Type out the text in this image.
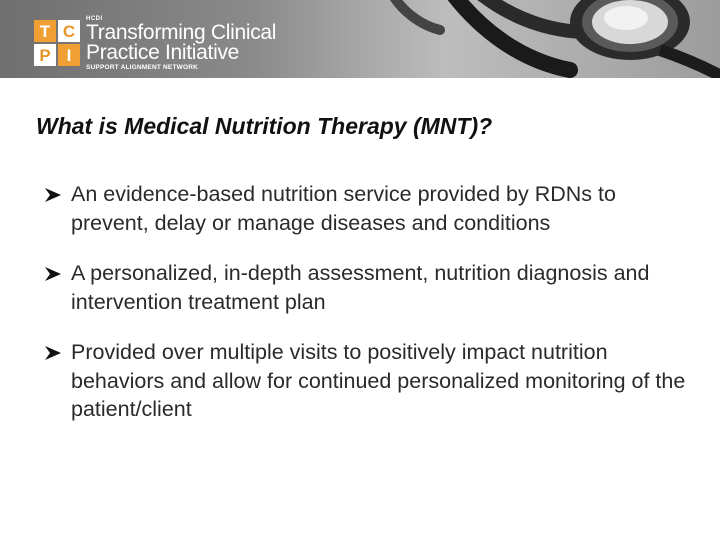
T C
P I
HCDI
Transforming Clinical
Practice Initiative
SUPPORT ALIGNMENT NETWORK
What is Medical Nutrition Therapy (MNT)?
An evidence-based nutrition service provided by RDNs to prevent, delay or manage diseases and conditions
A personalized, in-depth assessment, nutrition diagnosis and intervention treatment plan
Provided over multiple visits to positively impact nutrition behaviors and allow for continued personalized monitoring of the patient/client
